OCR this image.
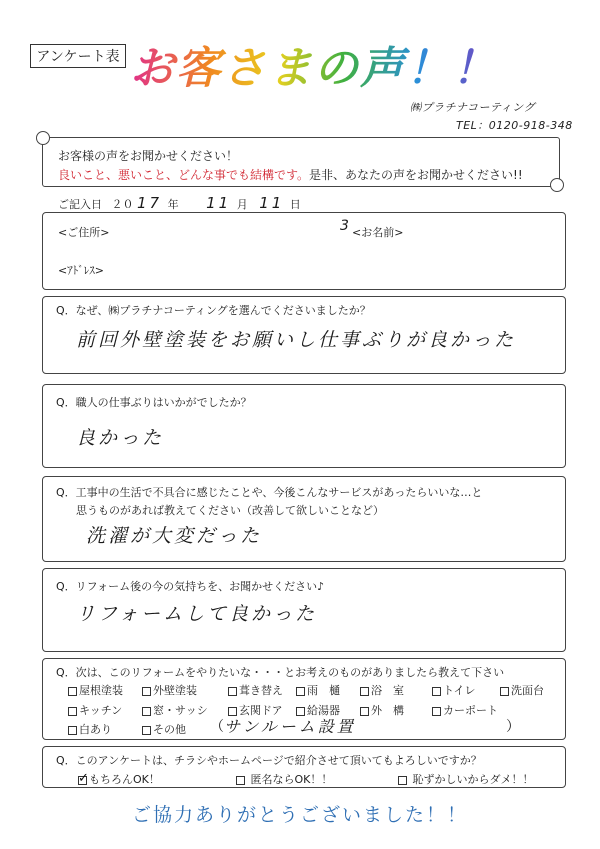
アンケート表 お客さまの声！！
㈱プラチナコーティング
TEL：0120-918-348
お客様の声をお聞かせください！
良いこと、悪いこと、どんな事でも結構です。是非、あなたの声をお聞かせください!!
ご記入日 ２０ 17 年 11 月 11 日
<ご住所>	3 <お名前>
<ｱﾄﾞﾚｽ>
Q．なぜ、㈱プラチナコーティングを選んでくださいましたか？
前回外壁塗装をお願いし仕事ぶりが良かった
Q．職人の仕事ぶりはいかがでしたか？
良かった
Q．工事中の生活で不具合に感じたことや、今後こんなサービスがあったらいいな…と
思うものがあれば教えてください（改善して欲しいことなど）
洗濯が大変だった
Q．リフォーム後の今の気持ちを、お聞かせください♪
リフォームして良かった
Q．次は、このリフォームをやりたいな・・・とお考えのものがありましたら教えて下さい
屋根塗装	外壁塗装	葺き替え	雨　樋	浴　室	トイレ	洗面台
キッチン	窓・サッシ	玄関ドア	給湯器	外　構	カーポート
白あり	その他 （ サンルーム設置	）
Q．このアンケートは、チラシやホームページで紹介させて頂いてもよろしいですか？
✓ もちろんOK！	匿名ならOK！！	恥ずかしいからダメ！！
ご協力ありがとうございました！！
